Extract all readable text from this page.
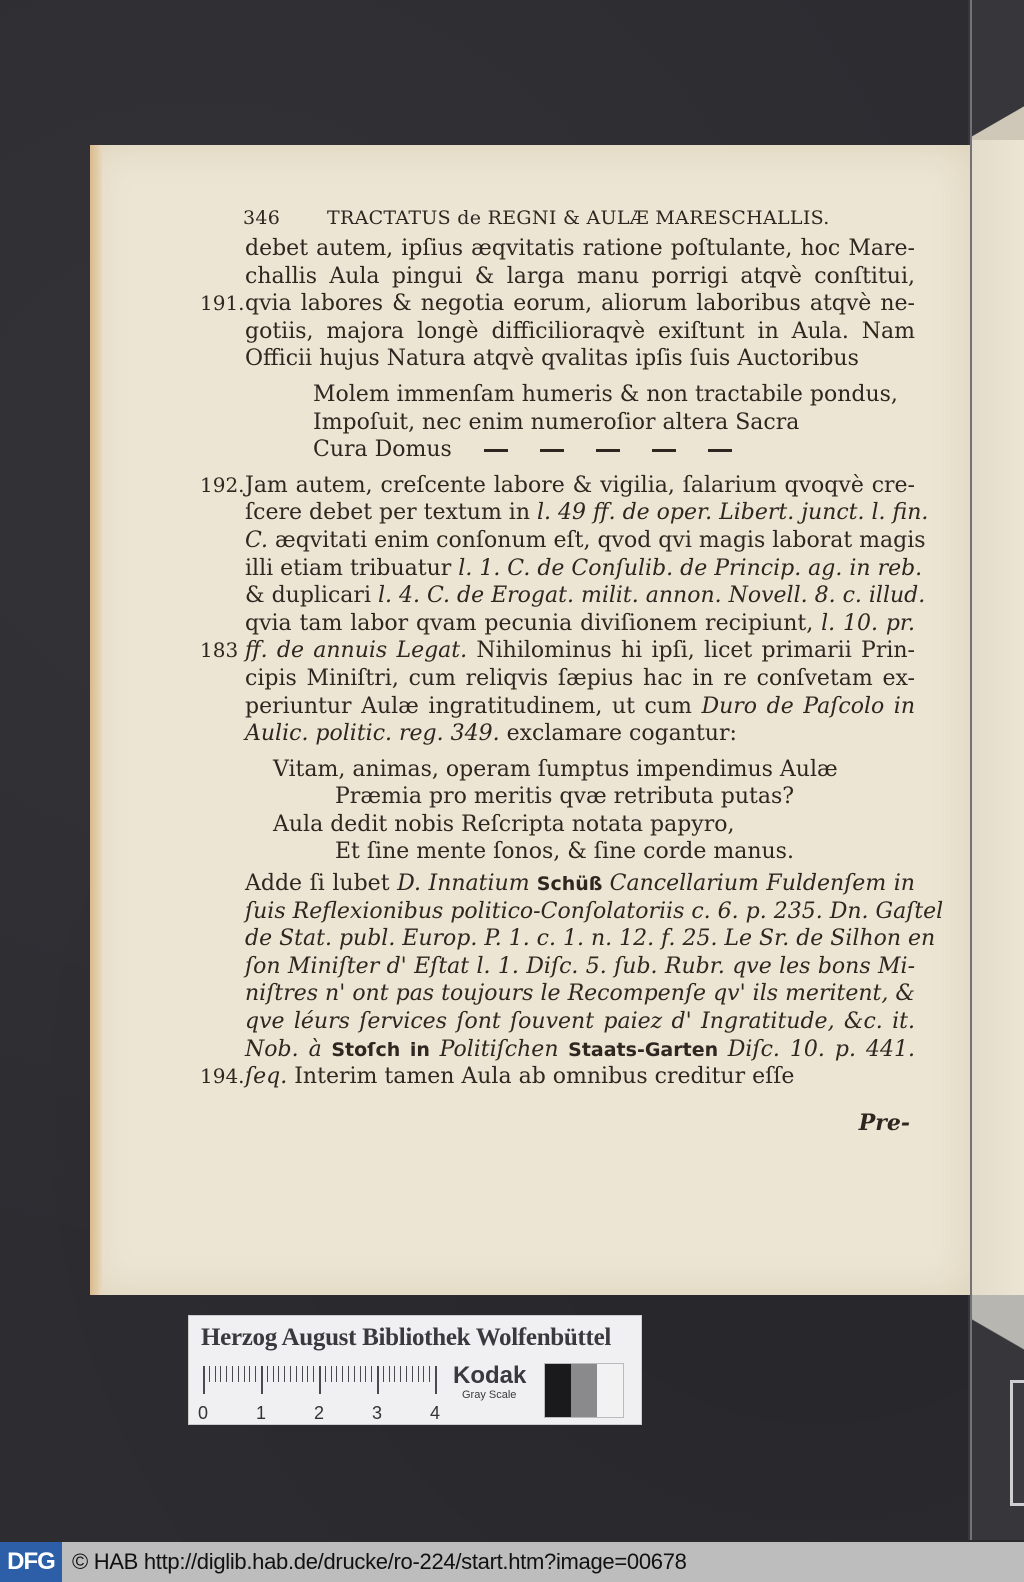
346 TRACTATUS de REGNI & AULÆ MARESCHALLIS.
debet autem, ipſius æqvitatis ratione poſtulante, hoc Mare-
challis Aula pingui & larga manu porrigi atqvè conſtitui,
191. qvia labores & negotia eorum, aliorum laboribus atqvè ne-
gotiis, majora longè difficilioraqvè exiſtunt in Aula. Nam
Officii hujus Natura atqvè qvalitas ipſis ſuis Auctoribus
Molem immenſam humeris & non tractabile pondus,
Impoſuit, nec enim numeroſior altera Sacra
Cura Domus
192. Jam autem, creſcente labore & vigilia, ſalarium qvoqvè cre-
ſcere debet per textum in l. 49 ff. de oper. Libert. junct. l. fin.
C. æqvitati enim conſonum eſt, qvod qvi magis laborat magis
illi etiam tribuatur l. 1. C. de Conſulib. de Princip. ag. in reb.
& duplicari l. 4. C. de Erogat. milit. annon. Novell. 8. c. illud.
qvia tam labor qvam pecunia diviſionem recipiunt, l. 10. pr.
183 ff. de annuis Legat. Nihilominus hi ipſi, licet primarii Prin-
cipis Miniſtri, cum reliqvis ſæpius hac in re conſvetam ex-
periuntur Aulæ ingratitudinem, ut cum Duro de Paſcolo in
Aulic. politic. reg. 349. exclamare cogantur:
Vitam, animas, operam ſumptus impendimus Aulæ
Præmia pro meritis qvæ retributa putas?
Aula dedit nobis Reſcripta notata papyro,
Et ſine mente ſonos, & ſine corde manus.
Adde ſi lubet D. Innatium Schüß Cancellarium Fuldenſem in
ſuis Reflexionibus politico-Conſolatoriis c. 6. p. 235. Dn. Gaſtel
de Stat. publ. Europ. P. 1. c. 1. n. 12. f. 25. Le Sr. de Silhon en
ſon Miniſter d' Eſtat l. 1. Diſc. 5. ſub. Rubr. qve les bons Mi-
niſtres n' ont pas toujours le Recompenſe qv' ils meritent, &
qve léurs ſervices ſont ſouvent paiez d' Ingratitude, &c. it.
Nob. à Stoſch in Politiſchen Staats-Garten Diſc. 10. p. 441.
194. ſeq. Interim tamen Aula ab omnibus creditur eſſe
Pre-
Herzog August Bibliothek Wolfenbüttel
0	1	2	3	4
Kodak
Gray Scale
DFG © HAB http://diglib.hab.de/drucke/ro-224/start.htm?image=00678
